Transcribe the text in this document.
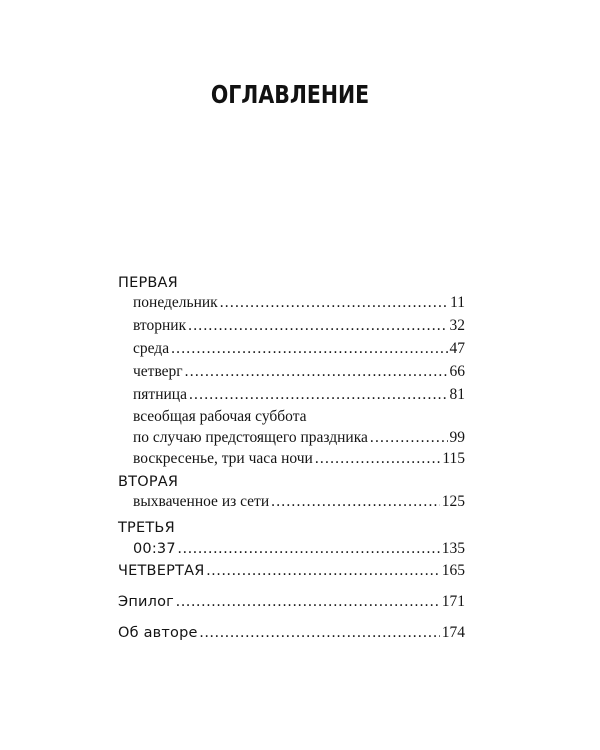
ОГЛАВЛЕНИЕ
ПЕРВАЯ
понедельник .....	11
вторник .....	32
среда .....	47
четверг .....	66
пятница .....	81
всеобщая рабочая суббота
по случаю предстоящего праздника .....	99
воскресенье, три часа ночи .....	115
ВТОРАЯ
выхваченное из сети .....	125
ТРЕТЬЯ
00:37 .....	135
ЧЕТВЕРТАЯ .....	165
Эпилог .....	171
Об авторе .....	174
